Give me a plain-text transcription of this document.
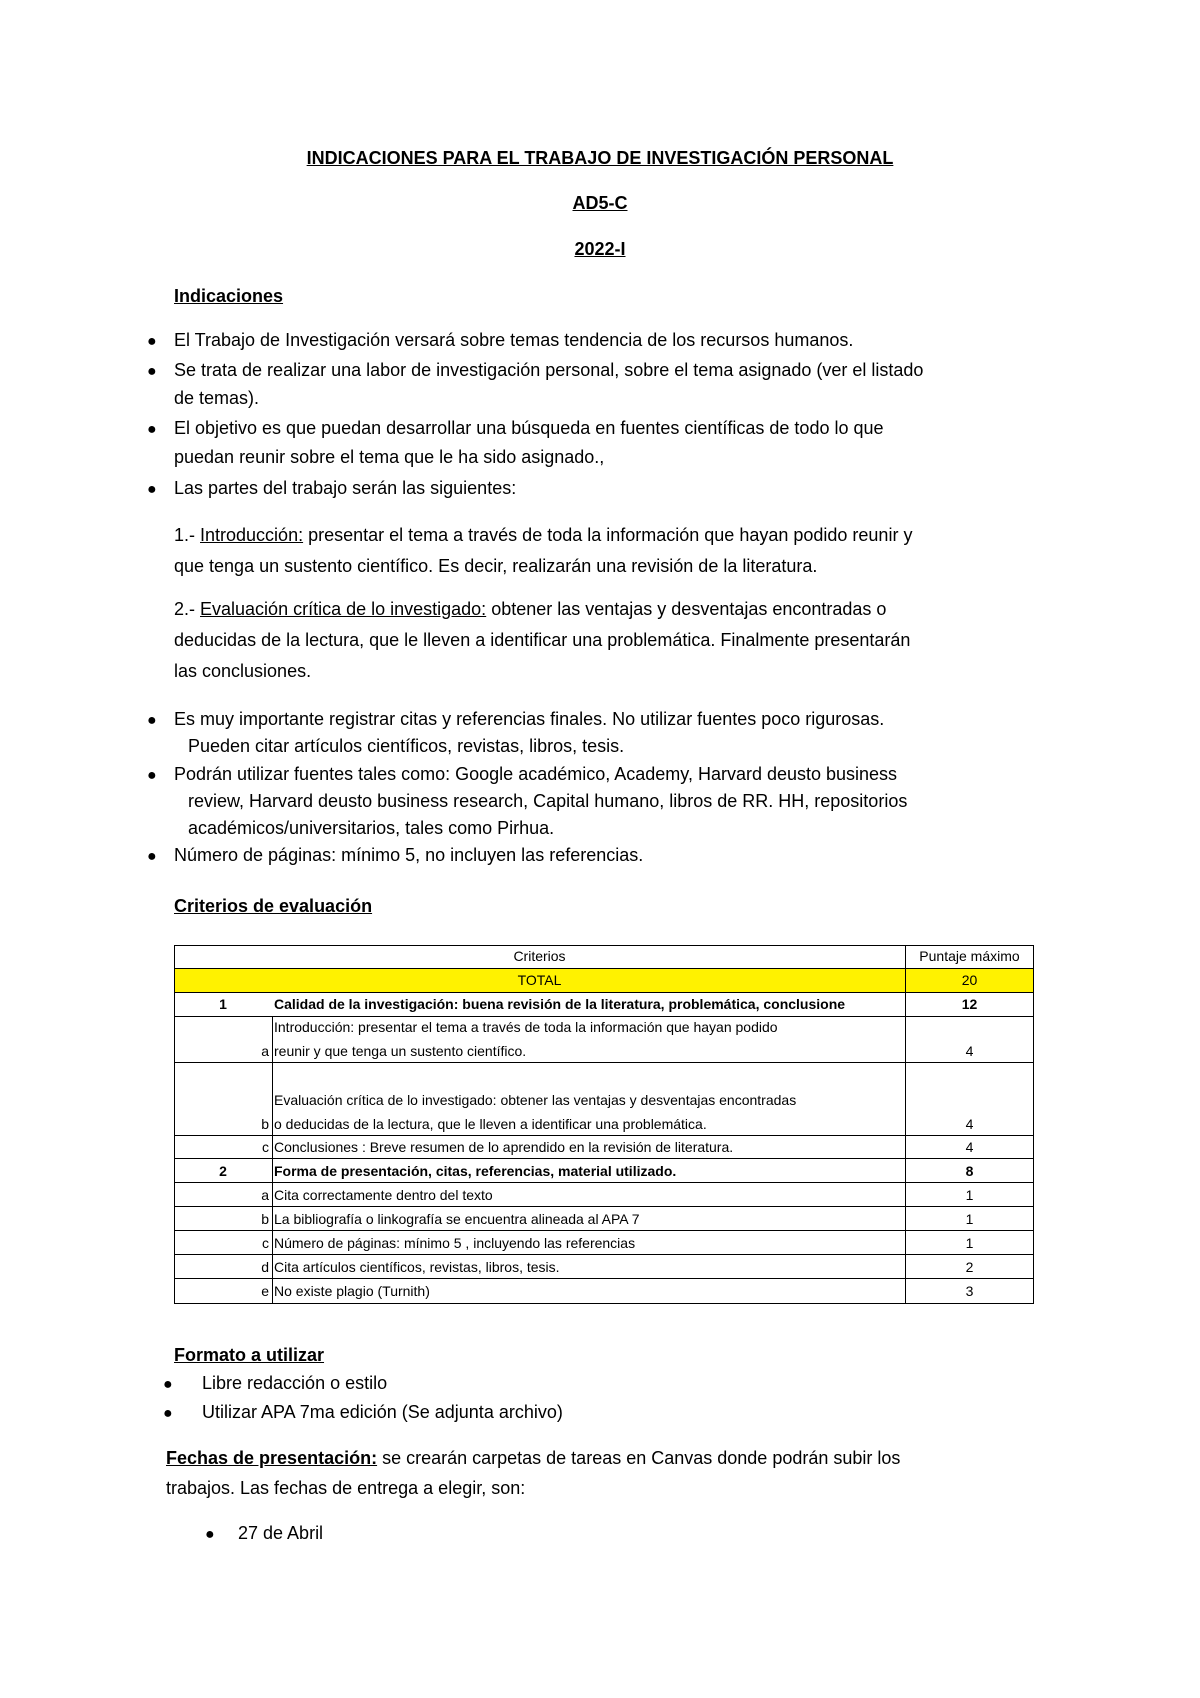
INDICACIONES PARA EL TRABAJO DE INVESTIGACIÓN PERSONAL
AD5-C
2022-I
Indicaciones
● El Trabajo de Investigación versará sobre temas tendencia de los recursos humanos.
● Se trata de realizar una labor de investigación personal, sobre el tema asignado (ver el listado
de temas).
● El objetivo es que puedan desarrollar una búsqueda en fuentes científicas de todo lo que
puedan reunir sobre el tema que le ha sido asignado.,
● Las partes del trabajo serán las siguientes:
1.- Introducción: presentar el tema a través de toda la información que hayan podido reunir y
que tenga un sustento científico. Es decir, realizarán una revisión de la literatura.
2.- Evaluación crítica de lo investigado: obtener las ventajas y desventajas encontradas o
deducidas de la lectura, que le lleven a identificar una problemática. Finalmente presentarán
las conclusiones.
● Es muy importante registrar citas y referencias finales. No utilizar fuentes poco rigurosas.
Pueden citar artículos científicos, revistas, libros, tesis.
● Podrán utilizar fuentes tales como: Google académico, Academy, Harvard deusto business
review, Harvard deusto business research, Capital humano, libros de RR. HH, repositorios
académicos/universitarios, tales como Pirhua.
● Número de páginas: mínimo 5, no incluyen las referencias.
Criterios de evaluación
Criterios	Puntaje máximo
TOTAL	20
1	Calidad de la investigación: buena revisión de la literatura, problemática, conclusione	12
a
Introducción: presentar el tema a través de toda la información que hayan podido
reunir y que tenga un sustento científico.	4
b
Evaluación crítica de lo investigado: obtener las ventajas y desventajas encontradas
o deducidas de la lectura, que le lleven a identificar una problemática.	4
c Conclusiones : Breve resumen de lo aprendido en la revisión de literatura.	4
2	Forma de presentación, citas, referencias, material utilizado.	8
a Cita correctamente dentro del texto	1
b La bibliografía o linkografía se encuentra alineada al APA 7	1
c Número de páginas: mínimo 5 , incluyendo las referencias	1
d Cita artículos científicos, revistas, libros, tesis.	2
e No existe plagio (Turnith)	3
Formato a utilizar
● Libre redacción o estilo
● Utilizar APA 7ma edición (Se adjunta archivo)
Fechas de presentación: se crearán carpetas de tareas en Canvas donde podrán subir los
trabajos. Las fechas de entrega a elegir, son:
● 27 de Abril
